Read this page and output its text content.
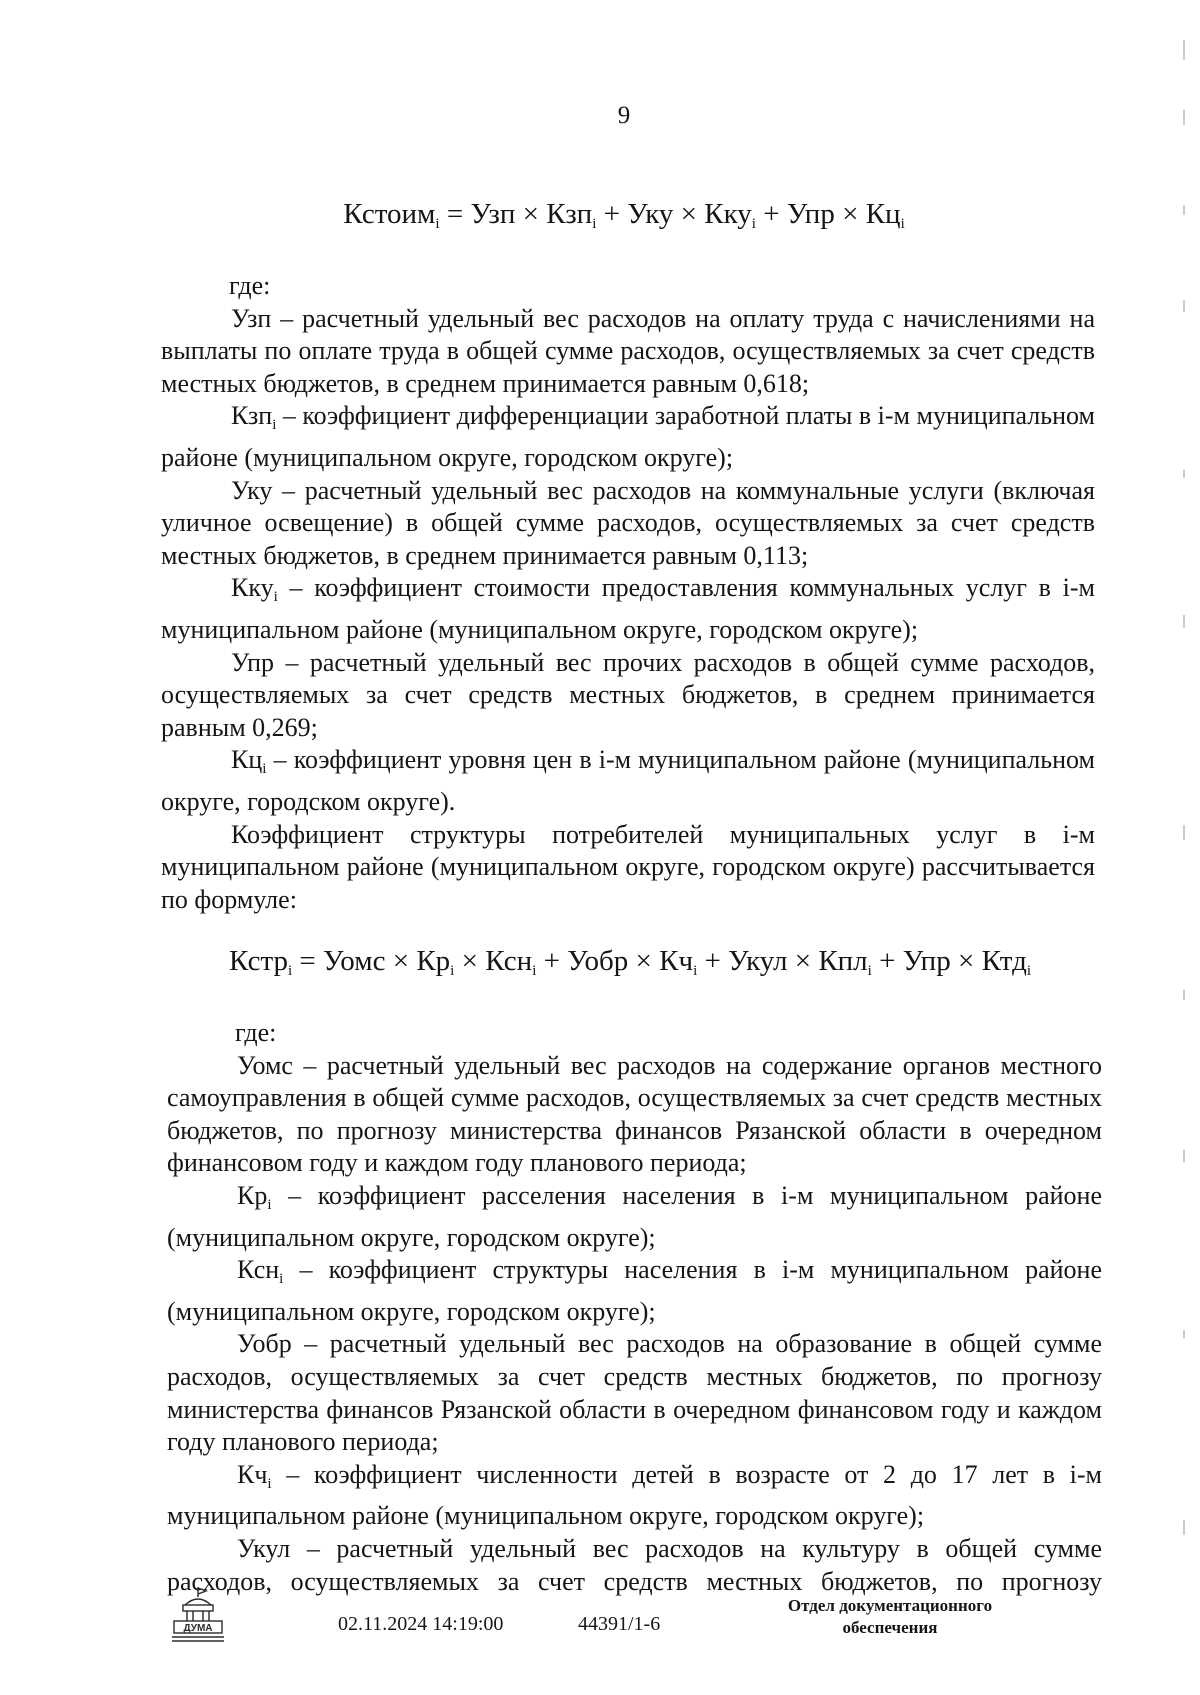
9
Кстоим$_i$ = Узп × Кзп$_i$ + Уку × Кку$_i$ + Упр × $Кц_i$

где:

Узп – расчетный удельный вес расходов на оплату труда с начислениями на выплаты по оплате труда в общей сумме расходов, осуществляемых за счет средств местных бюджетов, в среднем принимается равным 0,618;

Кзп$_i$ – коэффициент дифференциации заработной платы в i-м муниципальном районе (муниципальном округе, городском округе);

Уку – расчетный удельный вес расходов на коммунальные услуги (включая уличное освещение) в общей сумме расходов, осуществляемых за счет средств местных бюджетов, в среднем принимается равным 0,113;

Кку$_i$ – коэффициент стоимости предоставления коммунальных услуг в i-м муниципальном районе (муниципальном округе, городском округе);

Упр – расчетный удельный вес прочих расходов в общей сумме расходов, осуществляемых за счет средств местных бюджетов, в среднем принимается равным 0,269;

$Кц_i$ – коэффициент уровня цен в i-м муниципальном районе (муниципальном округе, городском округе).

Коэффициент структуры потребителей муниципальных услуг в i-м муниципальном районе (муниципальном округе, городском округе) рассчитывается по формуле:

Кстр$_i$ = Уомс × $Кр_i \times Ксн_i$ + Уобр × $Кч_i$ + Укул × Кпл$_i$ + Упр × Ктд$_i$

где:

Уомс – расчетный удельный вес расходов на содержание органов местного самоуправления в общей сумме расходов, осуществляемых за счет средств местных бюджетов, по прогнозу министерства финансов Рязанской области в очередном финансовом году и каждом году планового периода;

$Кр_i$ – коэффициент расселения населения в i-м муниципальном районе (муниципальном округе, городском округе);

Ксн$_i$ – коэффициент структуры населения в i-м муниципальном районе (муниципальном округе, городском округе);

Уобр – расчетный удельный вес расходов на образование в общей сумме расходов, осуществляемых за счет средств местных бюджетов, по прогнозу министерства финансов Рязанской области в очередном финансовом году и каждом году планового периода;

$Кч_i$ – коэффициент численности детей в возрасте от 2 до 17 лет в i-м муниципальном районе (муниципальном округе, городском округе);

Укул – расчетный удельный вес расходов на культуру в общей сумме расходов, осуществляемых за счет средств местных бюджетов, по прогнозу

ДУМА	02.11.2024 14:19:00	44391/1-6
Отдел документационного
обеспечения
